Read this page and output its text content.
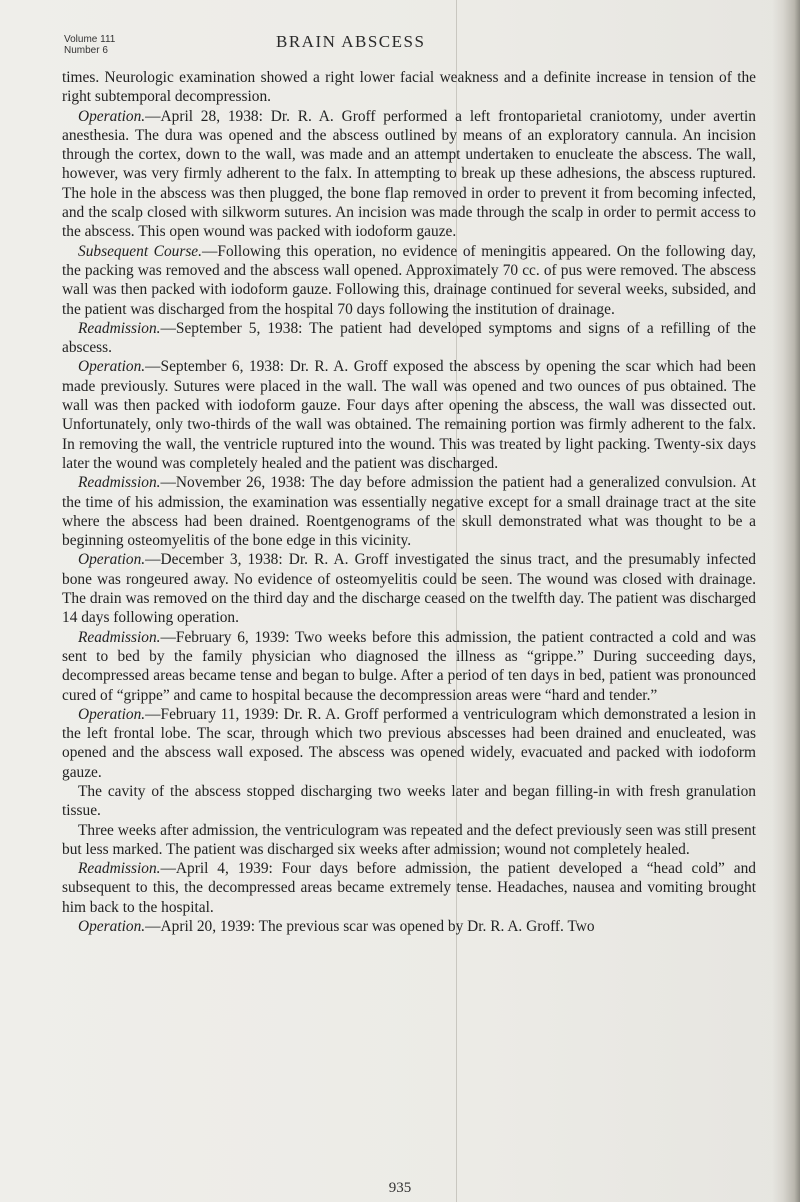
Volume 111
Number 6	BRAIN ABSCESS

times. Neurologic examination showed a right lower facial weakness and a definite increase in tension of the right subtemporal decompression.

Operation.—April 28, 1938: Dr. R. A. Groff performed a left frontoparietal craniotomy, under avertin anesthesia. The dura was opened and the abscess outlined by means of an exploratory cannula. An incision through the cortex, down to the wall, was made and an attempt undertaken to enucleate the abscess. The wall, however, was very firmly adherent to the falx. In attempting to break up these adhesions, the abscess ruptured. The hole in the abscess was then plugged, the bone flap removed in order to prevent it from becoming infected, and the scalp closed with silkworm sutures. An incision was made through the scalp in order to permit access to the abscess. This open wound was packed with iodoform gauze.

Subsequent Course.—Following this operation, no evidence of meningitis appeared. On the following day, the packing was removed and the abscess wall opened. Approximately 70 cc. of pus were removed. The abscess wall was then packed with iodoform gauze. Following this, drainage continued for several weeks, subsided, and the patient was discharged from the hospital 70 days following the institution of drainage.

Readmission.—September 5, 1938: The patient had developed symptoms and signs of a refilling of the abscess.

Operation.—September 6, 1938: Dr. R. A. Groff exposed the abscess by opening the scar which had been made previously. Sutures were placed in the wall. The wall was opened and two ounces of pus obtained. The wall was then packed with iodoform gauze. Four days after opening the abscess, the wall was dissected out. Unfortunately, only two-thirds of the wall was obtained. The remaining portion was firmly adherent to the falx. In removing the wall, the ventricle ruptured into the wound. This was treated by light packing. Twenty-six days later the wound was completely healed and the patient was discharged.

Readmission.—November 26, 1938: The day before admission the patient had a generalized convulsion. At the time of his admission, the examination was essentially negative except for a small drainage tract at the site where the abscess had been drained. Roentgenograms of the skull demonstrated what was thought to be a beginning osteomyelitis of the bone edge in this vicinity.

Operation.—December 3, 1938: Dr. R. A. Groff investigated the sinus tract, and the presumably infected bone was rongeured away. No evidence of osteomyelitis could be seen. The wound was closed with drainage. The drain was removed on the third day and the discharge ceased on the twelfth day. The patient was discharged 14 days following operation.

Readmission.—February 6, 1939: Two weeks before this admission, the patient contracted a cold and was sent to bed by the family physician who diagnosed the illness as “grippe.” During succeeding days, decompressed areas became tense and began to bulge. After a period of ten days in bed, patient was pronounced cured of “grippe” and came to hospital because the decompression areas were “hard and tender.”

Operation.—February 11, 1939: Dr. R. A. Groff performed a ventriculogram which demonstrated a lesion in the left frontal lobe. The scar, through which two previous abscesses had been drained and enucleated, was opened and the abscess wall exposed. The abscess was opened widely, evacuated and packed with iodoform gauze.

The cavity of the abscess stopped discharging two weeks later and began filling-in with fresh granulation tissue.

Three weeks after admission, the ventriculogram was repeated and the defect previously seen was still present but less marked. The patient was discharged six weeks after admission; wound not completely healed.

Readmission.—April 4, 1939: Four days before admission, the patient developed a “head cold” and subsequent to this, the decompressed areas became extremely tense. Headaches, nausea and vomiting brought him back to the hospital.

Operation.—April 20, 1939: The previous scar was opened by Dr. R. A. Groff. Two

935
